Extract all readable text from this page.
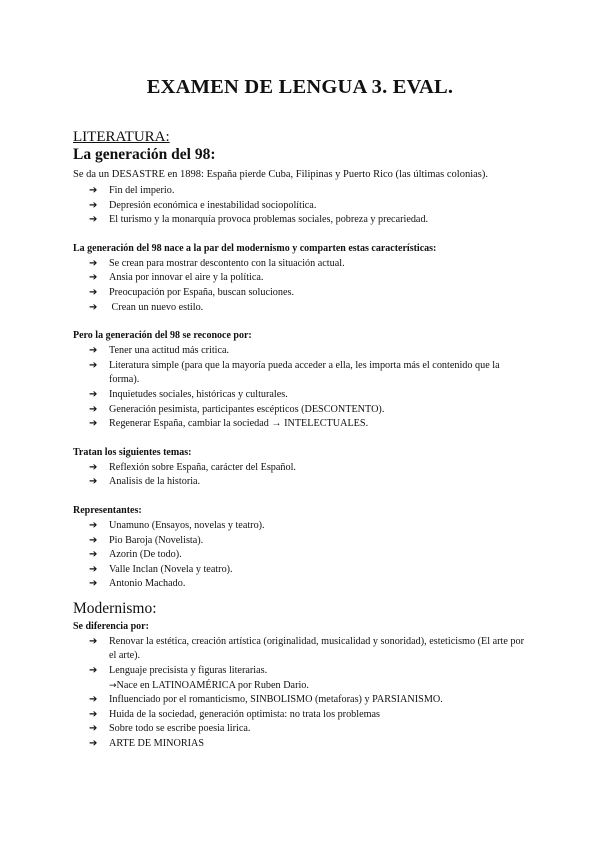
EXAMEN DE LENGUA 3. EVAL.

LITERATURA:

La generación del 98:

Se da un DESASTRE en 1898: España pierde Cuba, Filipinas y Puerto Rico (las últimas colonias).

➔ Fin del imperio.
➔ Depresión económica e inestabilidad sociopolítica.
➔ El turismo y la monarquía provoca problemas sociales, pobreza y precariedad.

La generación del 98 nace a la par del modernismo y comparten estas características:

➔ Se crean para mostrar descontento con la situación actual.
➔ Ansia por innovar el aire y la política.
➔ Preocupación por España, buscan soluciones.
➔ Crean un nuevo estilo.

Pero la generación del 98 se reconoce por:

➔ Tener una actitud más critica.
➔ Literatura simple (para que la mayoría pueda acceder a ella, les importa más el contenido que la forma).
➔ Inquietudes sociales, históricas y culturales.
➔ Generación pesimista, participantes escépticos (DESCONTENTO).
➔ Regenerar España, cambiar la sociedad → INTELECTUALES.

Tratan los siguientes temas:

➔ Reflexión sobre España, carácter del Español.
➔ Analisis de la historia.

Representantes:

➔ Unamuno (Ensayos, novelas y teatro).
➔ Pio Baroja (Novelista).
➔ Azorin (De todo).
➔ Valle Inclan (Novela y teatro).
➔ Antonio Machado.

Modernismo:

Se diferencia por:

➔ Renovar la estética, creación artística (originalidad, musicalidad y sonoridad), esteticismo (El arte por el arte).
➔ Lenguaje precisista y figuras literarias.
→Nace en LATINOAMÉRICA por Ruben Dario.
➔ Influenciado por el romanticismo, SINBOLISMO (metaforas) y PARSIANISMO.
➔ Huida de la sociedad, generación optimista: no trata los problemas
➔ Sobre todo se escribe poesia lirica.
➔ ARTE DE MINORIAS
